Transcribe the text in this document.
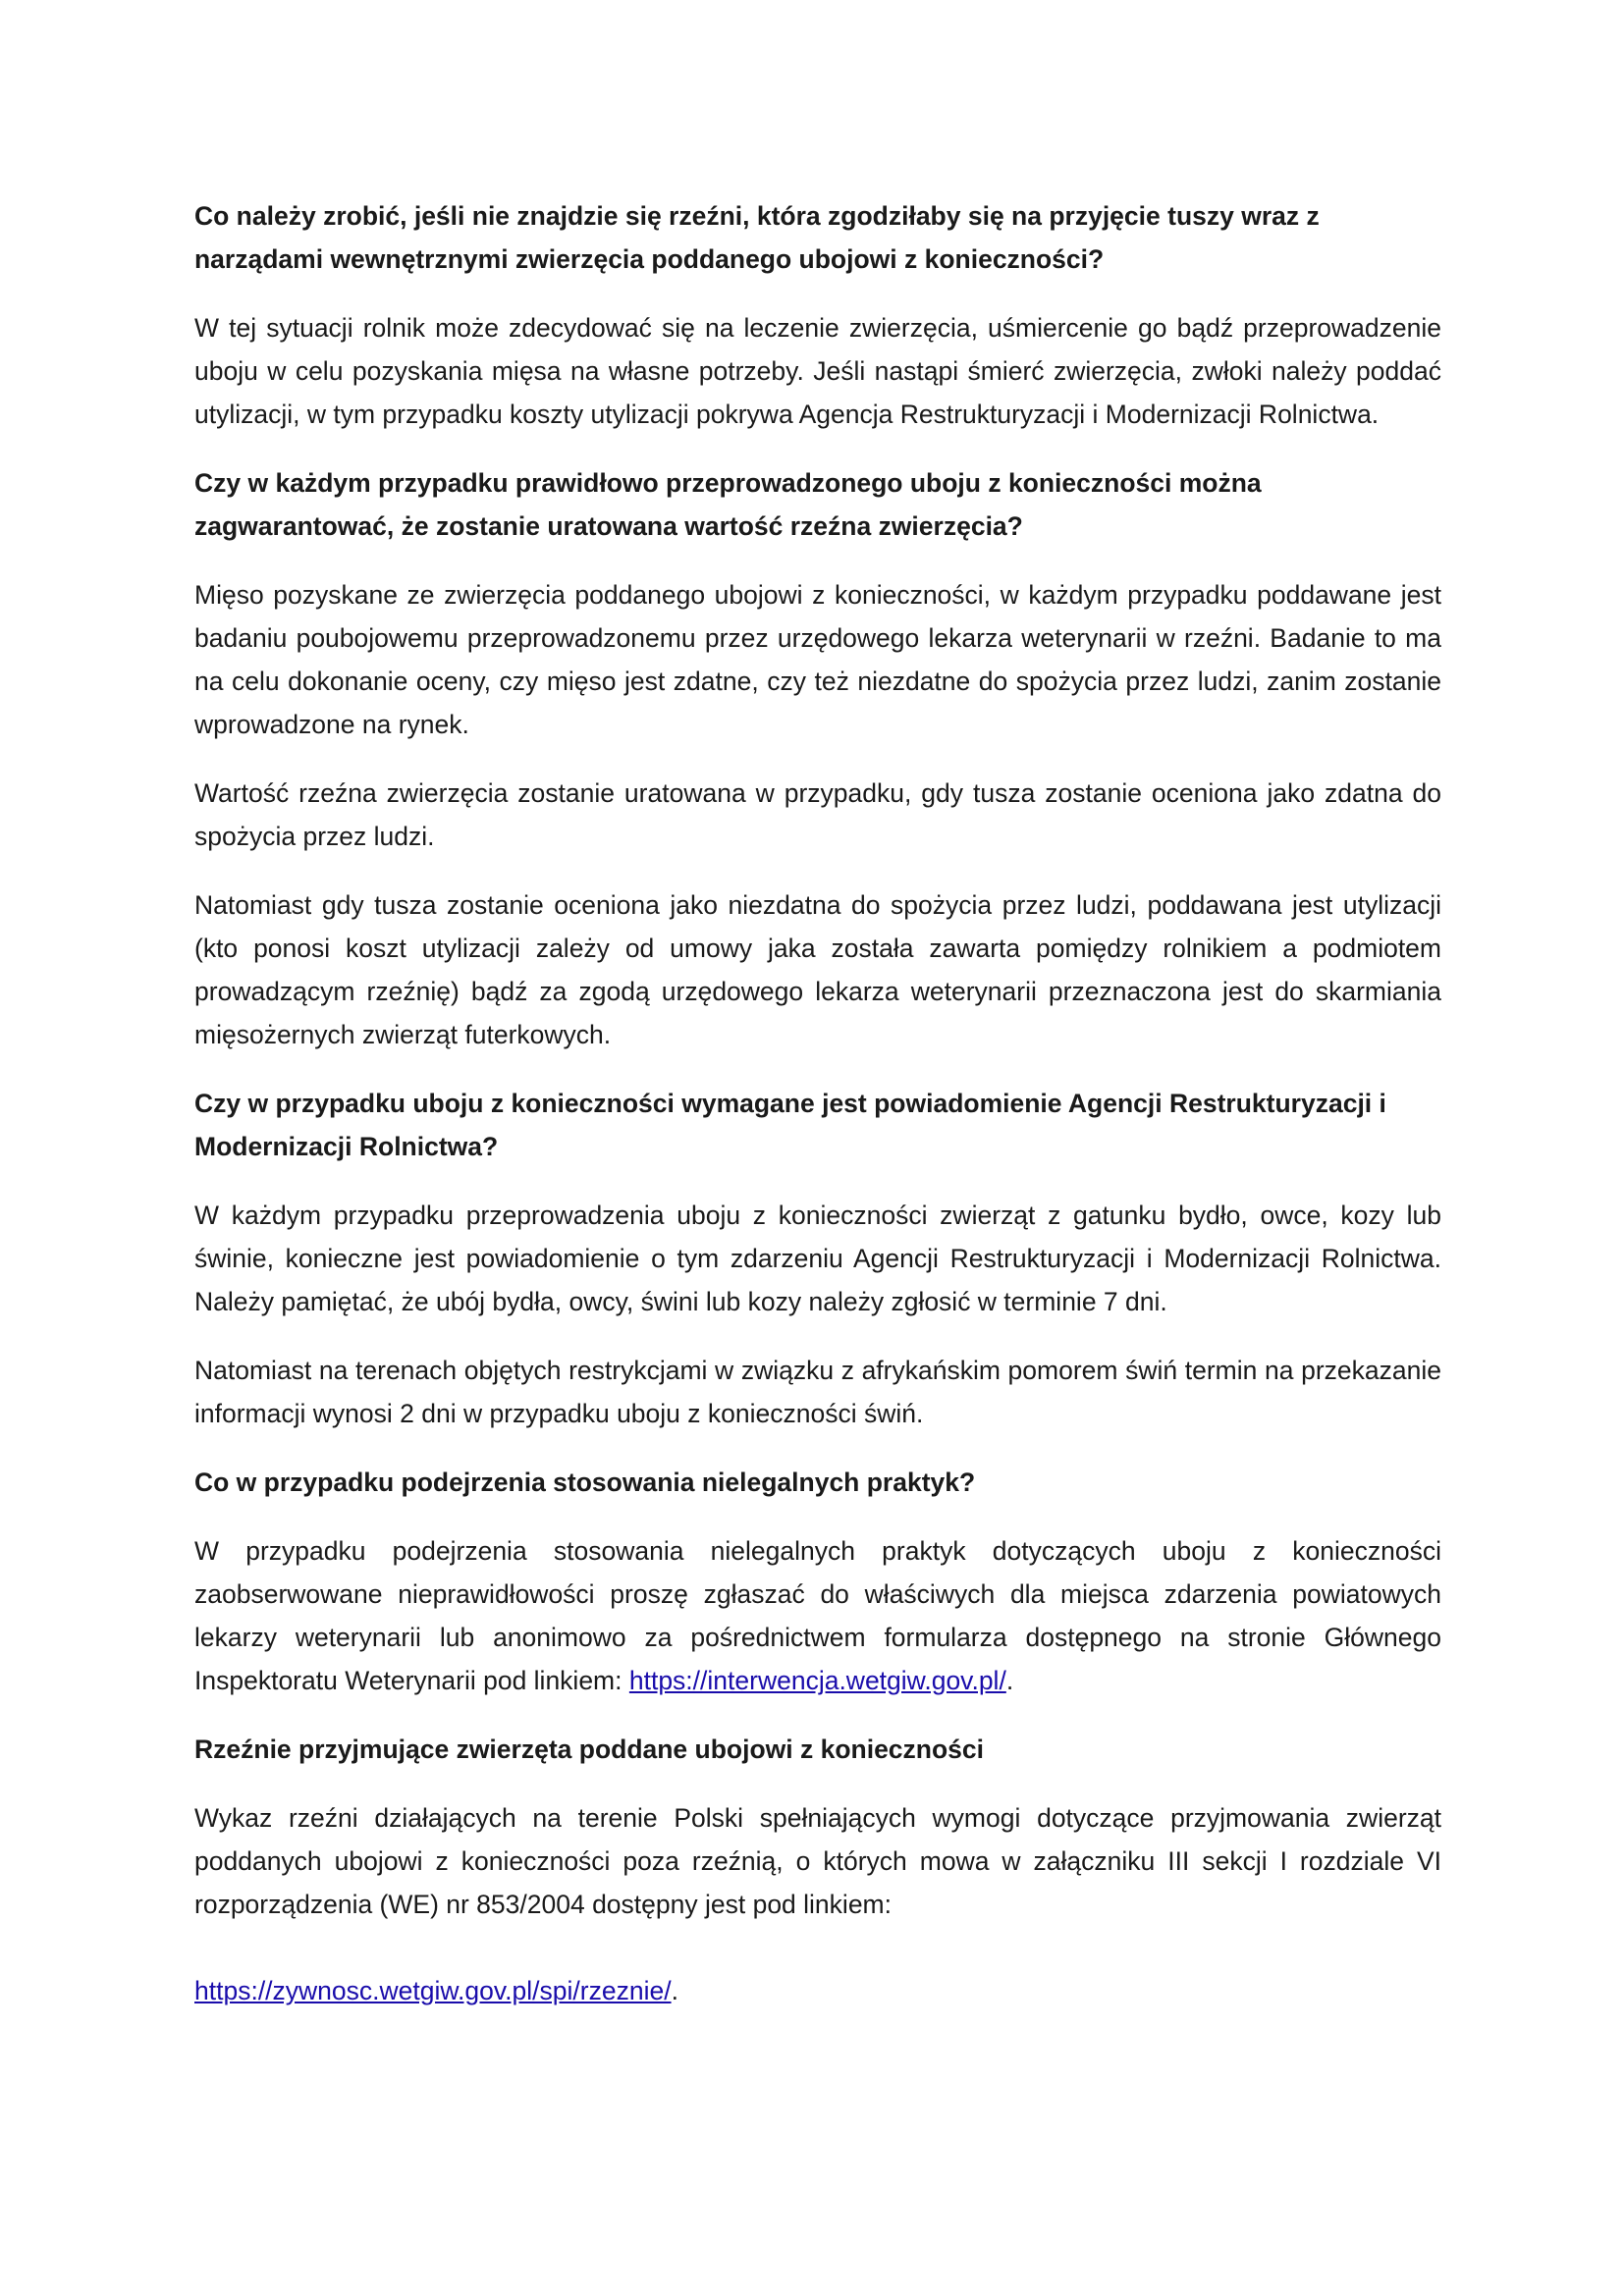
Co należy zrobić, jeśli nie znajdzie się rzeźni, która zgodziłaby się na przyjęcie tuszy wraz z narządami wewnętrznymi zwierzęcia poddanego ubojowi z konieczności?

W tej sytuacji rolnik może zdecydować się na leczenie zwierzęcia, uśmiercenie go bądź przeprowadzenie uboju w celu pozyskania mięsa na własne potrzeby. Jeśli nastąpi śmierć zwierzęcia, zwłoki należy poddać utylizacji, w tym przypadku koszty utylizacji pokrywa Agencja Restrukturyzacji i Modernizacji Rolnictwa.

Czy w każdym przypadku prawidłowo przeprowadzonego uboju z konieczności można zagwarantować, że zostanie uratowana wartość rzeźna zwierzęcia?

Mięso pozyskane ze zwierzęcia poddanego ubojowi z konieczności, w każdym przypadku poddawane jest badaniu poubojowemu przeprowadzonemu przez urzędowego lekarza weterynarii w rzeźni. Badanie to ma na celu dokonanie oceny, czy mięso jest zdatne, czy też niezdatne do spożycia przez ludzi, zanim zostanie wprowadzone na rynek.

Wartość rzeźna zwierzęcia zostanie uratowana w przypadku, gdy tusza zostanie oceniona jako zdatna do spożycia przez ludzi.

Natomiast gdy tusza zostanie oceniona jako niezdatna do spożycia przez ludzi, poddawana jest utylizacji (kto ponosi koszt utylizacji zależy od umowy jaka została zawarta pomiędzy rolnikiem a podmiotem prowadzącym rzeźnię) bądź za zgodą urzędowego lekarza weterynarii przeznaczona jest do skarmiania mięsożernych zwierząt futerkowych.

Czy w przypadku uboju z konieczności wymagane jest powiadomienie Agencji Restrukturyzacji i Modernizacji Rolnictwa?

W każdym przypadku przeprowadzenia uboju z konieczności zwierząt z gatunku bydło, owce, kozy lub świnie, konieczne jest powiadomienie o tym zdarzeniu Agencji Restrukturyzacji i Modernizacji Rolnictwa. Należy pamiętać, że ubój bydła, owcy, świni lub kozy należy zgłosić w terminie 7 dni.

Natomiast na terenach objętych restrykcjami w związku z afrykańskim pomorem świń termin na przekazanie informacji wynosi 2 dni w przypadku uboju z konieczności świń.

Co w przypadku podejrzenia stosowania nielegalnych praktyk?

W przypadku podejrzenia stosowania nielegalnych praktyk dotyczących uboju z konieczności zaobserwowane nieprawidłowości proszę zgłaszać do właściwych dla miejsca zdarzenia powiatowych lekarzy weterynarii lub anonimowo za pośrednictwem formularza dostępnego na stronie Głównego Inspektoratu Weterynarii pod linkiem: https://interwencja.wetgiw.gov.pl/.

Rzeźnie przyjmujące zwierzęta poddane ubojowi z konieczności

Wykaz rzeźni działających na terenie Polski spełniających wymogi dotyczące przyjmowania zwierząt poddanych ubojowi z konieczności poza rzeźnią, o których mowa w załączniku III sekcji I rozdziale VI rozporządzenia (WE) nr 853/2004 dostępny jest pod linkiem:

https://zywnosc.wetgiw.gov.pl/spi/rzeznie/.
